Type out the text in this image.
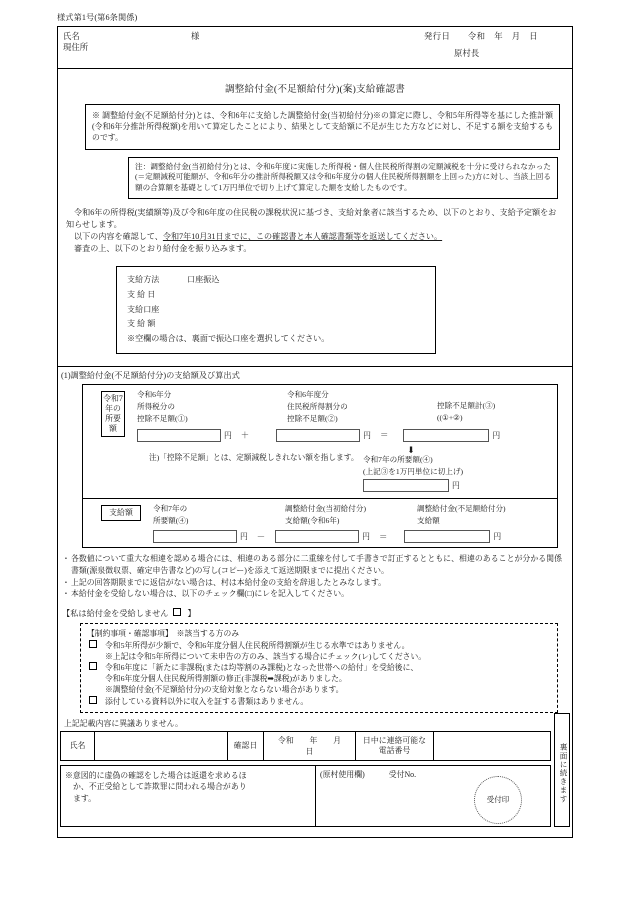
様式第1号(第6条関係)
氏名	様
現住所
発行日　　令和　年　月　日
原村長
調整給付金(不足額給付分)(案)支給確認書

※ 調整給付金(不足額給付分)とは、令和6年に支給した調整給付金(当初給付分)※の算定に際し、令和5年所得等を基にした推計額(令和6年分推計所得税額)を用いて算定したことにより、結果として支給額に不足が生じた方などに対し、不足する額を支給するものです。

注：調整給付金(当初給付分)とは、令和6年度に実施した所得税・個人住民税所得割の定額減税を十分に受けられなかった(＝定額減税可能額が、令和6年分の推計所得税額又は令和6年度分の個人住民税所得割額を上回った)方に対し、当該上回る額の合算額を基礎として1万円単位で切り上げて算定した額を支給したものです。

令和6年の所得税(実績額等)及び令和6年度の住民税の課税状況に基づき、支給対象者に該当するため、以下のとおり、支給予定額をお知らせします。

以下の内容を確認して、令和7年10月31日までに、この確認書と本人確認書類等を返送してください。

審査の上、以下のとおり給付金を振り込みます。

支給方法	口座振込
支 給 日
支給口座
支 給 額
※空欄の場合は、裏面で振込口座を選択してください。
(1)調整給付金(不足額給付分)の支給額及び算出式
令和7年の所要額
令和6年分
所得税分の
控除不足額(①)
令和6年度分
住民税所得割分の
控除不足額(②)
控除不足額計(③)
((①+②)
円 ＋	円 ＝	円
注)「控除不足額」とは、定額減税しきれない額を指します。
⬇
令和7年の所要額(④)
(上記③を1万円単位に切上げ)
円
支給額	令和7年の
所要額(④)
調整給付金(当初給付分)
支給額(令和6年)
調整給付金(不足額給付分)
支給額
円 －	円 ＝	円
・ 各数値について重大な相違を認める場合には、相違のある部分に二重線を付して手書きで訂正するとともに、相違のあることが分かる関係書類(源泉徴収票、確定申告書など)の写し(コピー)を添えて返送期限までに提出ください。
・ 上記の回答期限までに返信がない場合は、村は本給付金の支給を辞退したとみなします。
・ 本給付金を受給しない場合は、以下のチェック欄(□)にレを記入してください。
【私は給付金を受給しません 】
【制約事項・確認事項】　※該当する方のみ
令和5年所得が少額で、令和6年度分個人住民税所得割額が生じる水準ではありません。
※上記は令和5年所得について未申告の方のみ、該当する場合にチェック(レ)してください。
令和6年度に「新たに非課税(または均等割のみ課税)となった世帯への給付」を受給後に、
令和6年度分個人住民税所得割額の修正(非課税➡課税)がありました。
※調整給付金(不足額給付分)の支給対象とならない場合があります。
添付している資料以外に収入を証する書類はありません。
上記記載内容に異議ありません。
氏名		確認日	令和　　年　　月　　日	日中に連絡可能な電話番号	

※意図的に虚偽の確認をした場合は返還を求めるほ

か、不正受給として詐欺罪に問われる場合があり

ます。

(原村使用欄)	受付No.
受付印	裏面に続きます
